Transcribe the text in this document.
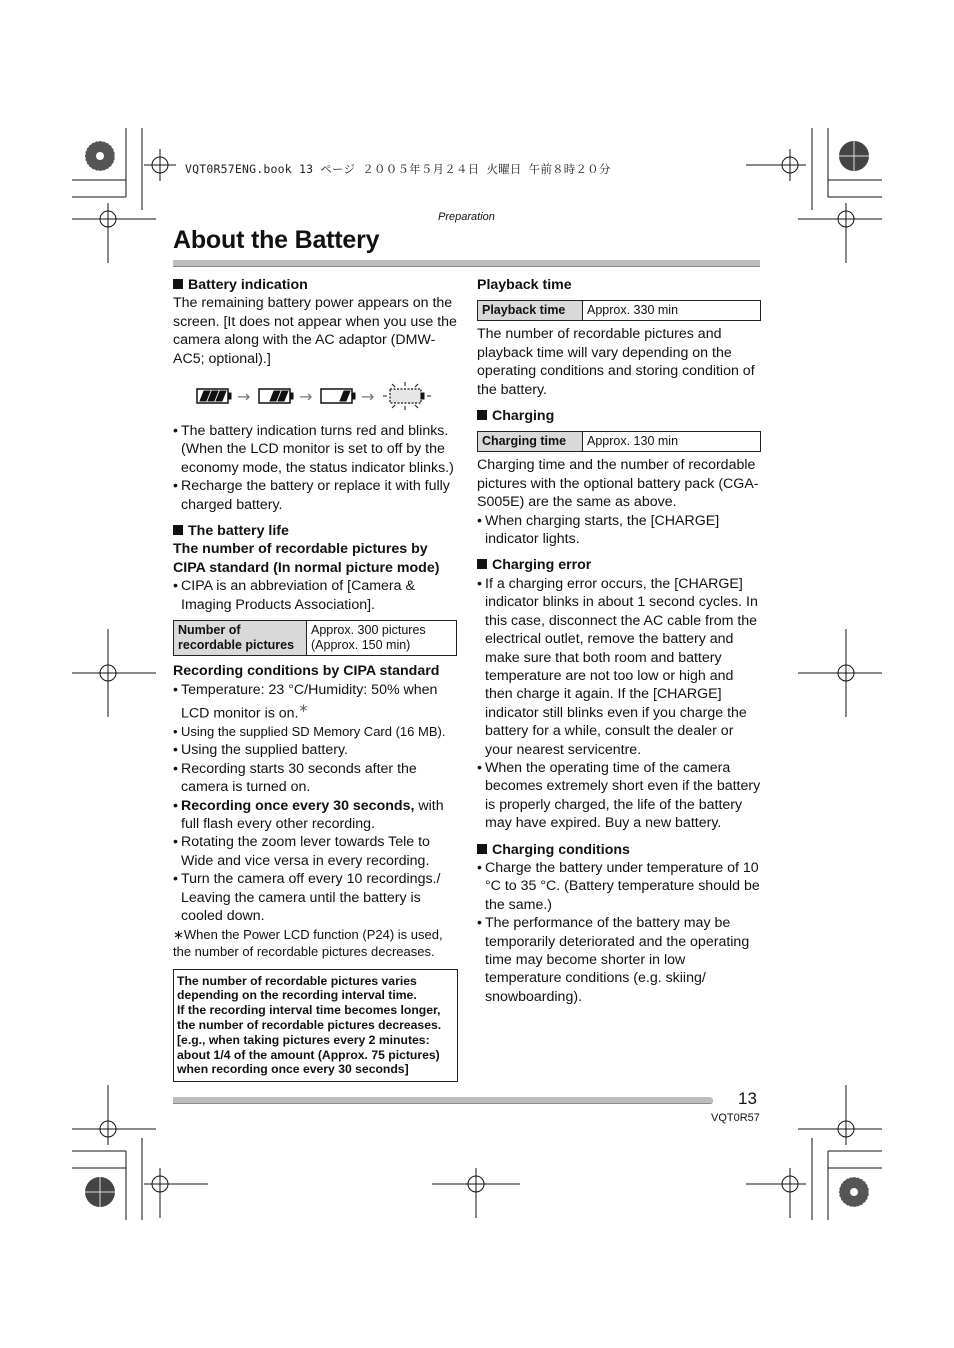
VQT0R57ENG.book 13 ページ ２００５年５月２４日 火曜日 午前８時２０分
Preparation
About the Battery

Battery indication

The remaining battery power appears on the screen. [It does not appear when you use the camera along with the AC adaptor (DMW-AC5; optional).]

→	→	→
• The battery indication turns red and blinks. (When the LCD monitor is set to off by the economy mode, the status indicator blinks.)
• Recharge the battery or replace it with fully charged battery.

The battery life

The number of recordable pictures by CIPA standard (In normal picture mode)

• CIPA is an abbreviation of [Camera & Imaging Products Association].
Number of recordable pictures	Approx. 300 pictures
(Approx. 150 min)

Recording conditions by CIPA standard

• Temperature: 23 °C/Humidity: 50% when LCD monitor is on.∗
• Using the supplied SD Memory Card (16 MB).
• Using the supplied battery.
• Recording starts 30 seconds after the camera is turned on.
• Recording once every 30 seconds, with full flash every other recording.
• Rotating the zoom lever towards Tele to Wide and vice versa in every recording.
• Turn the camera off every 10 recordings./ Leaving the camera until the battery is cooled down.

∗When the Power LCD function (P24) is used, the number of recordable pictures decreases.

The number of recordable pictures varies depending on the recording interval time.
If the recording interval time becomes longer, the number of recordable pictures decreases.
[e.g., when taking pictures every 2 minutes: about 1/4 of the amount (Approx. 75 pictures) when recording once every 30 seconds]

Playback time

Playback time	Approx. 330 min

The number of recordable pictures and playback time will vary depending on the operating conditions and storing condition of the battery.

Charging

Charging time	Approx. 130 min

Charging time and the number of recordable pictures with the optional battery pack (CGA-S005E) are the same as above.

• When charging starts, the [CHARGE] indicator lights.

Charging error

• If a charging error occurs, the [CHARGE] indicator blinks in about 1 second cycles. In this case, disconnect the AC cable from the electrical outlet, remove the battery and make sure that both room and battery temperature are not too low or high and then charge it again. If the [CHARGE] indicator still blinks even if you charge the battery for a while, consult the dealer or your nearest servicentre.
• When the operating time of the camera becomes extremely short even if the battery is properly charged, the life of the battery may have expired. Buy a new battery.

Charging conditions

• Charge the battery under temperature of 10 °C to 35 °C. (Battery temperature should be the same.)
• The performance of the battery may be temporarily deteriorated and the operating time may become shorter in low temperature conditions (e.g. skiing/ snowboarding).
13
VQT0R57
